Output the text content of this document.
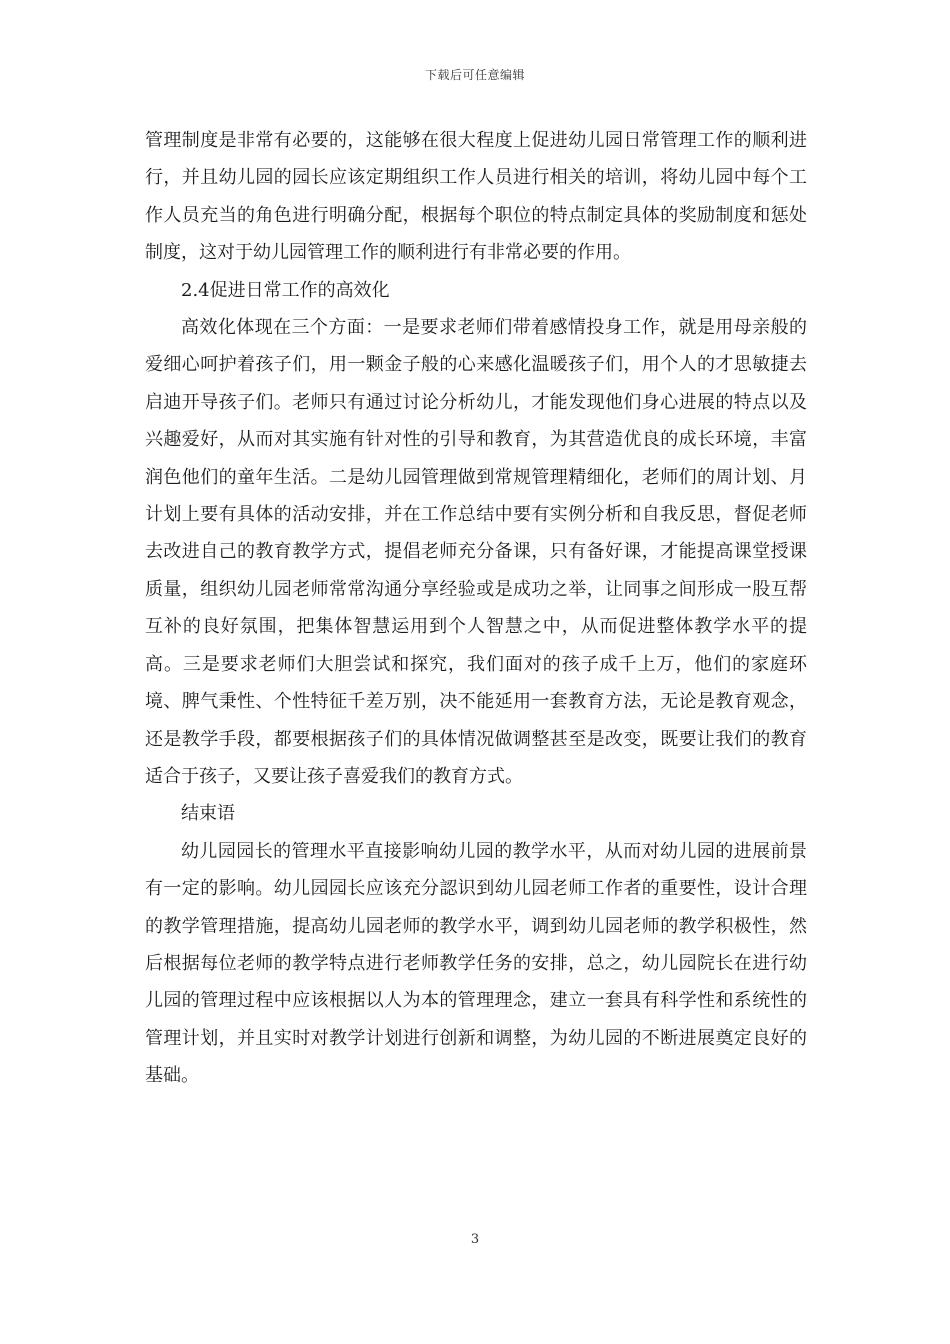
下载后可任意编辑

管理制度是非常有必要的，这能够在很大程度上促进幼儿园日常管理工作的顺利进行，并且幼儿园的园长应该定期组织工作人员进行相关的培训，将幼儿园中每个工作人员充当的角色进行明确分配，根据每个职位的特点制定具体的奖励制度和惩处制度，这对于幼儿园管理工作的顺利进行有非常必要的作用。

2.4促进日常工作的高效化

高效化体现在三个方面：一是要求老师们带着感情投身工作，就是用母亲般的爱细心呵护着孩子们，用一颗金子般的心来感化温暖孩子们，用个人的才思敏捷去启迪开导孩子们。老师只有通过讨论分析幼儿，才能发现他们身心进展的特点以及兴趣爱好，从而对其实施有针对性的引导和教育，为其营造优良的成长环境，丰富润色他们的童年生活。二是幼儿园管理做到常规管理精细化，老师们的周计划、月计划上要有具体的活动安排，并在工作总结中要有实例分析和自我反思，督促老师去改进自己的教育教学方式，提倡老师充分备课，只有备好课，才能提高课堂授课质量，组织幼儿园老师常常沟通分享经验或是成功之举，让同事之间形成一股互帮互补的良好氛围，把集体智慧运用到个人智慧之中，从而促进整体教学水平的提高。三是要求老师们大胆尝试和探究，我们面对的孩子成千上万，他们的家庭环境、脾气秉性、个性特征千差万别，决不能延用一套教育方法，无论是教育观念，还是教学手段，都要根据孩子们的具体情况做调整甚至是改变，既要让我们的教育适合于孩子，又要让孩子喜爱我们的教育方式。

结束语

幼儿园园长的管理水平直接影响幼儿园的教学水平，从而对幼儿园的进展前景有一定的影响。幼儿园园长应该充分認识到幼儿园老师工作者的重要性，设计合理的教学管理措施，提高幼儿园老师的教学水平，调到幼儿园老师的教学积极性，然后根据每位老师的教学特点进行老师教学任务的安排，总之，幼儿园院长在进行幼儿园的管理过程中应该根据以人为本的管理理念，建立一套具有科学性和系统性的管理计划，并且实时对教学计划进行创新和调整，为幼儿园的不断进展奠定良好的基础。

3
